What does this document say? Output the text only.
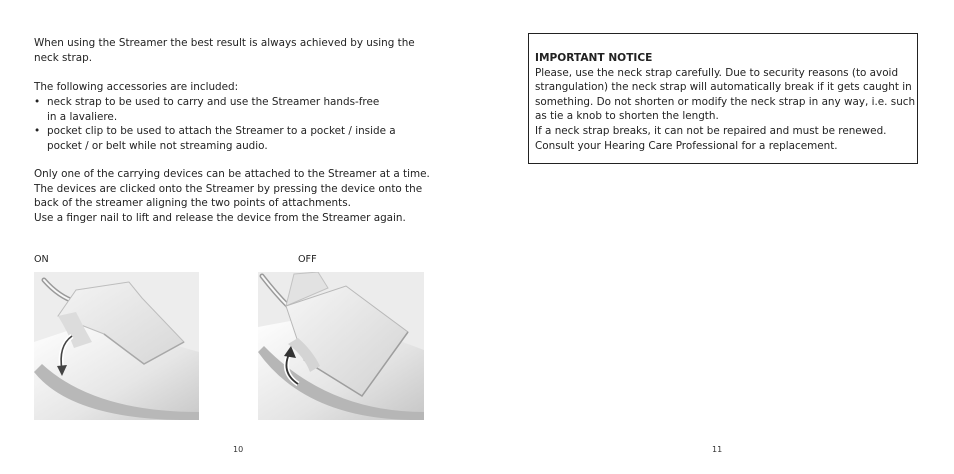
When using the Streamer the best result is always achieved by using the
neck strap.
The following accessories are included:
• neck strap to be used to carry and use the Streamer hands-free
in a lavaliere.
• pocket clip to be used to attach the Streamer to a pocket / inside a
pocket / or belt while not streaming audio.
Only one of the carrying devices can be attached to the Streamer at a time.
The devices are clicked onto the Streamer by pressing the device onto the
back of the streamer aligning the two points of attachments.
Use a finger nail to lift and release the device from the Streamer again.
ON	OFF
10
IMPORTANT NOTICE
Please, use the neck strap carefully. Due to security reasons (to avoid
strangulation) the neck strap will automatically break if it gets caught in
something. Do not shorten or modify the neck strap in any way, i.e. such
as tie a knob to shorten the length.
If a neck strap breaks, it can not be repaired and must be renewed.
Consult your Hearing Care Professional for a replacement.
11
